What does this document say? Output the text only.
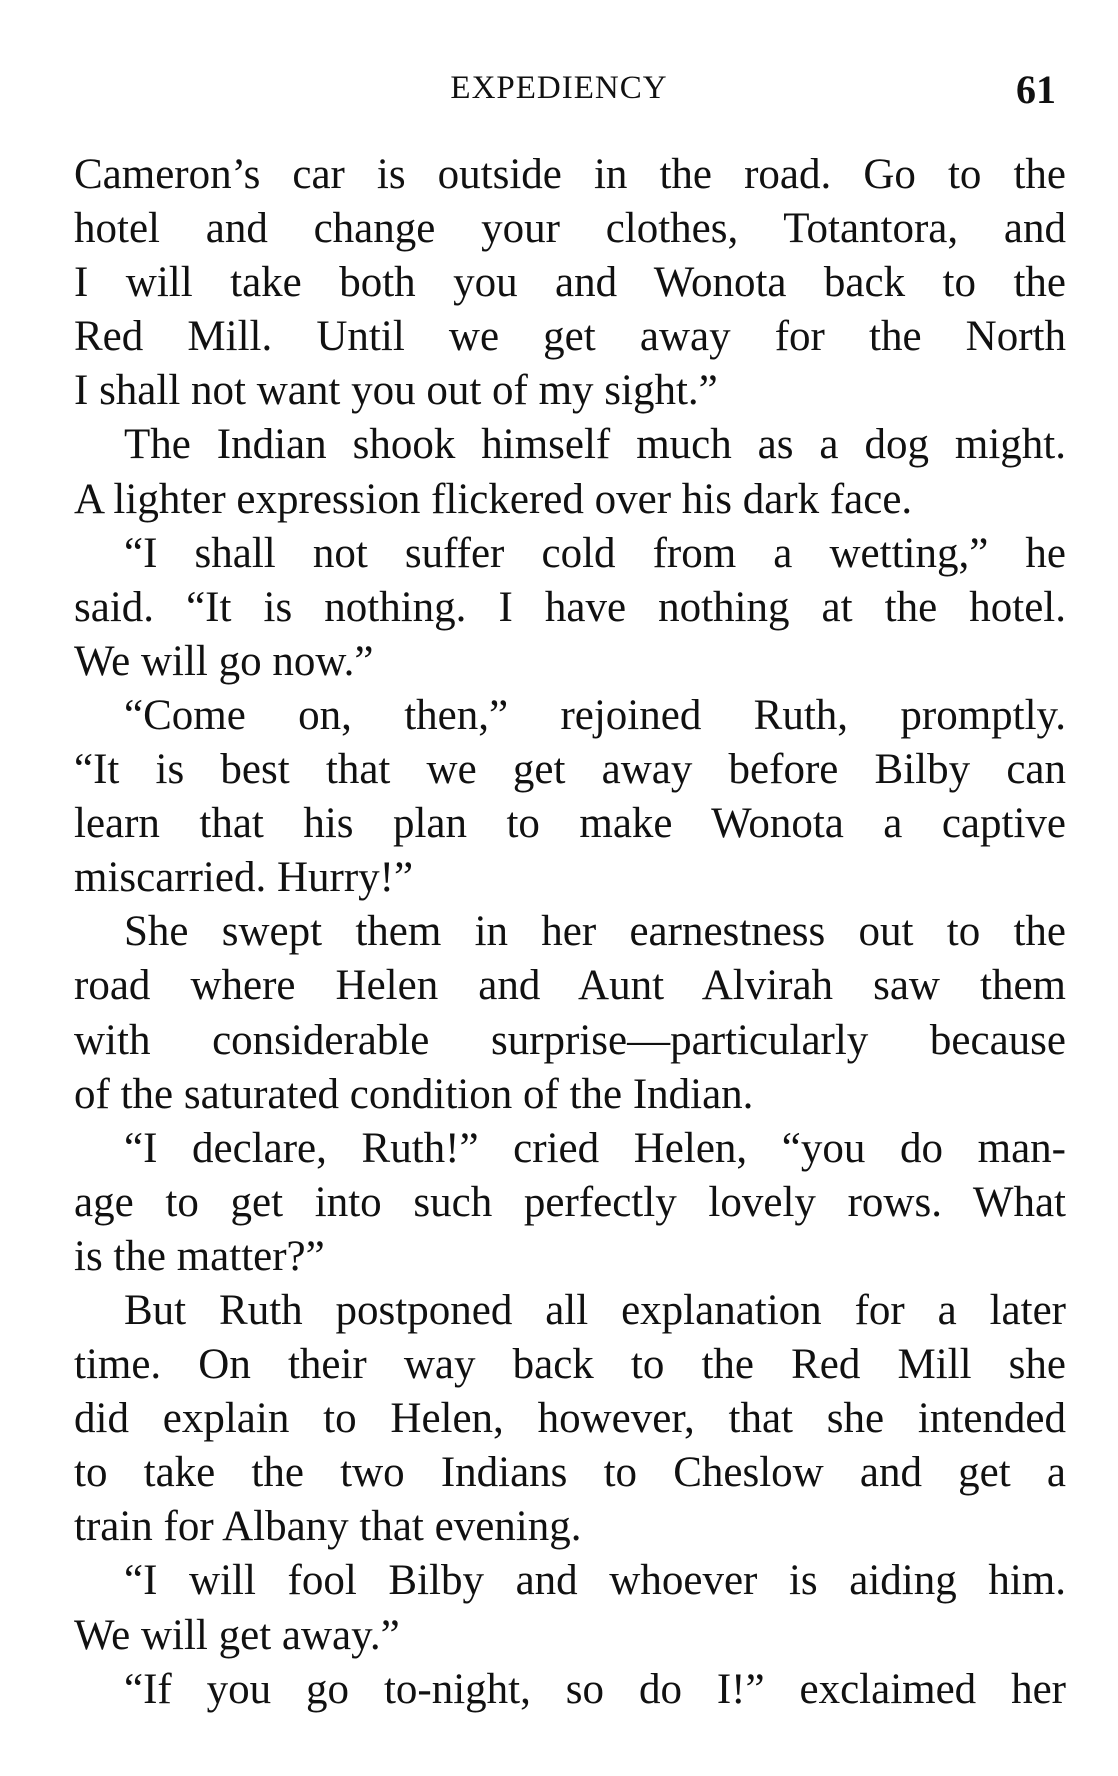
EXPEDIENCY	61
Cameron’s car is outside in the road. Go to the
hotel and change your clothes, Totantora, and
I will take both you and Wonota back to the
Red Mill. Until we get away for the North
I shall not want you out of my sight.”
The Indian shook himself much as a dog might.
A lighter expression flickered over his dark face.
“I shall not suffer cold from a wetting,” he
said. “It is nothing. I have nothing at the hotel.
We will go now.”
“Come on, then,” rejoined Ruth, promptly.
“It is best that we get away before Bilby can
learn that his plan to make Wonota a captive
miscarried. Hurry!”
She swept them in her earnestness out to the
road where Helen and Aunt Alvirah saw them
with considerable surprise—particularly because
of the saturated condition of the Indian.
“I declare, Ruth!” cried Helen, “you do man-
age to get into such perfectly lovely rows. What
is the matter?”
But Ruth postponed all explanation for a later
time. On their way back to the Red Mill she
did explain to Helen, however, that she intended
to take the two Indians to Cheslow and get a
train for Albany that evening.
“I will fool Bilby and whoever is aiding him.
We will get away.”
“If you go to-night, so do I!” exclaimed her
